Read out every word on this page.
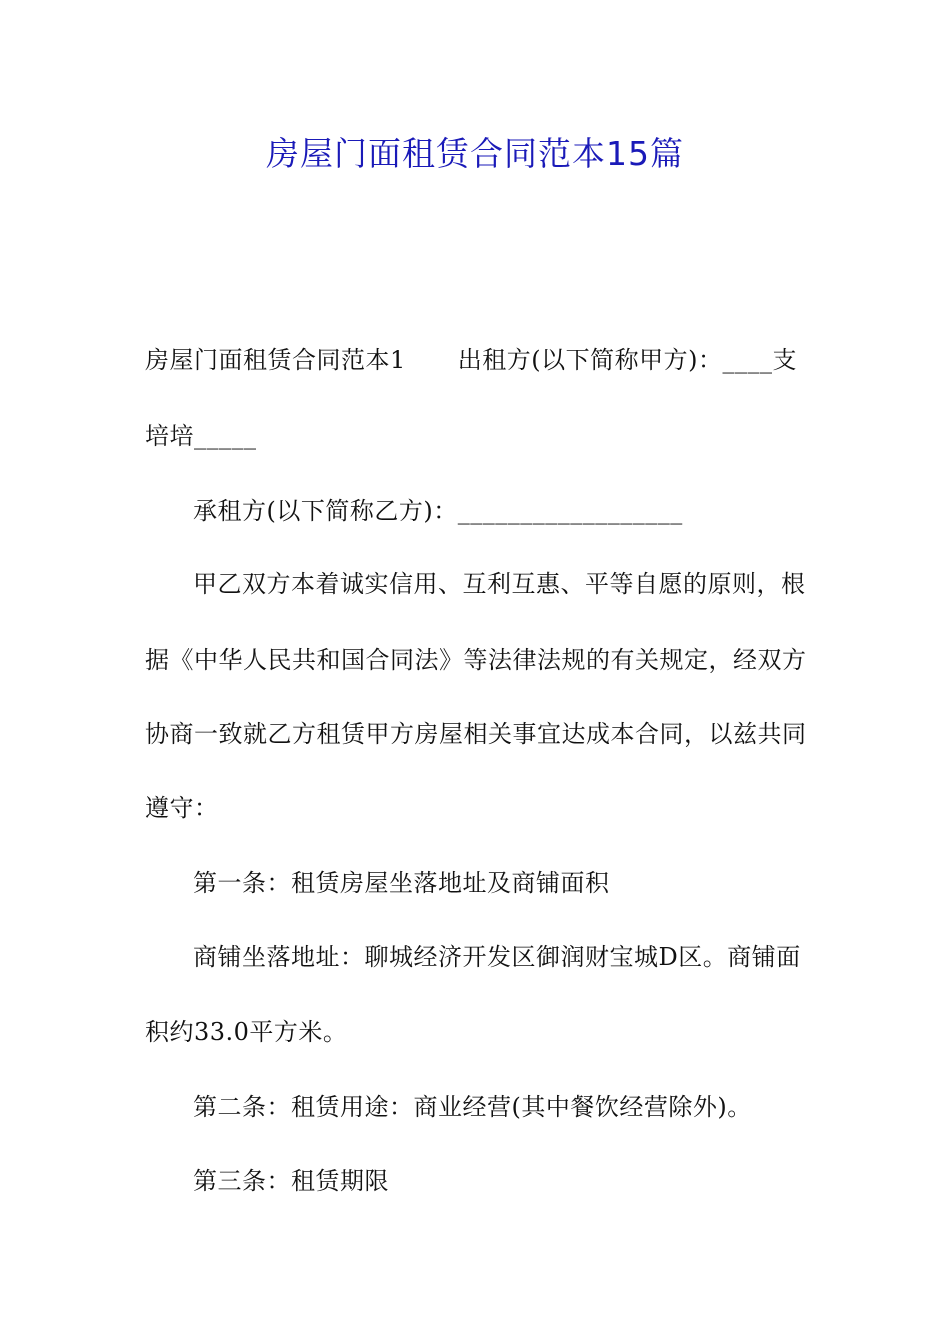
房屋门面租赁合同范本15篇
房屋门面租赁合同范本1 出租方(以下简称甲方)：____支
培培_____
承租方(以下简称乙方)：__________________
甲乙双方本着诚实信用、互利互惠、平等自愿的原则，根
据《中华人民共和国合同法》等法律法规的有关规定，经双方
协商一致就乙方租赁甲方房屋相关事宜达成本合同，以兹共同
遵守：
第一条：租赁房屋坐落地址及商铺面积
商铺坐落地址：聊城经济开发区御润财宝城D区。商铺面
积约33.0平方米。
第二条：租赁用途：商业经营(其中餐饮经营除外)。
第三条：租赁期限
